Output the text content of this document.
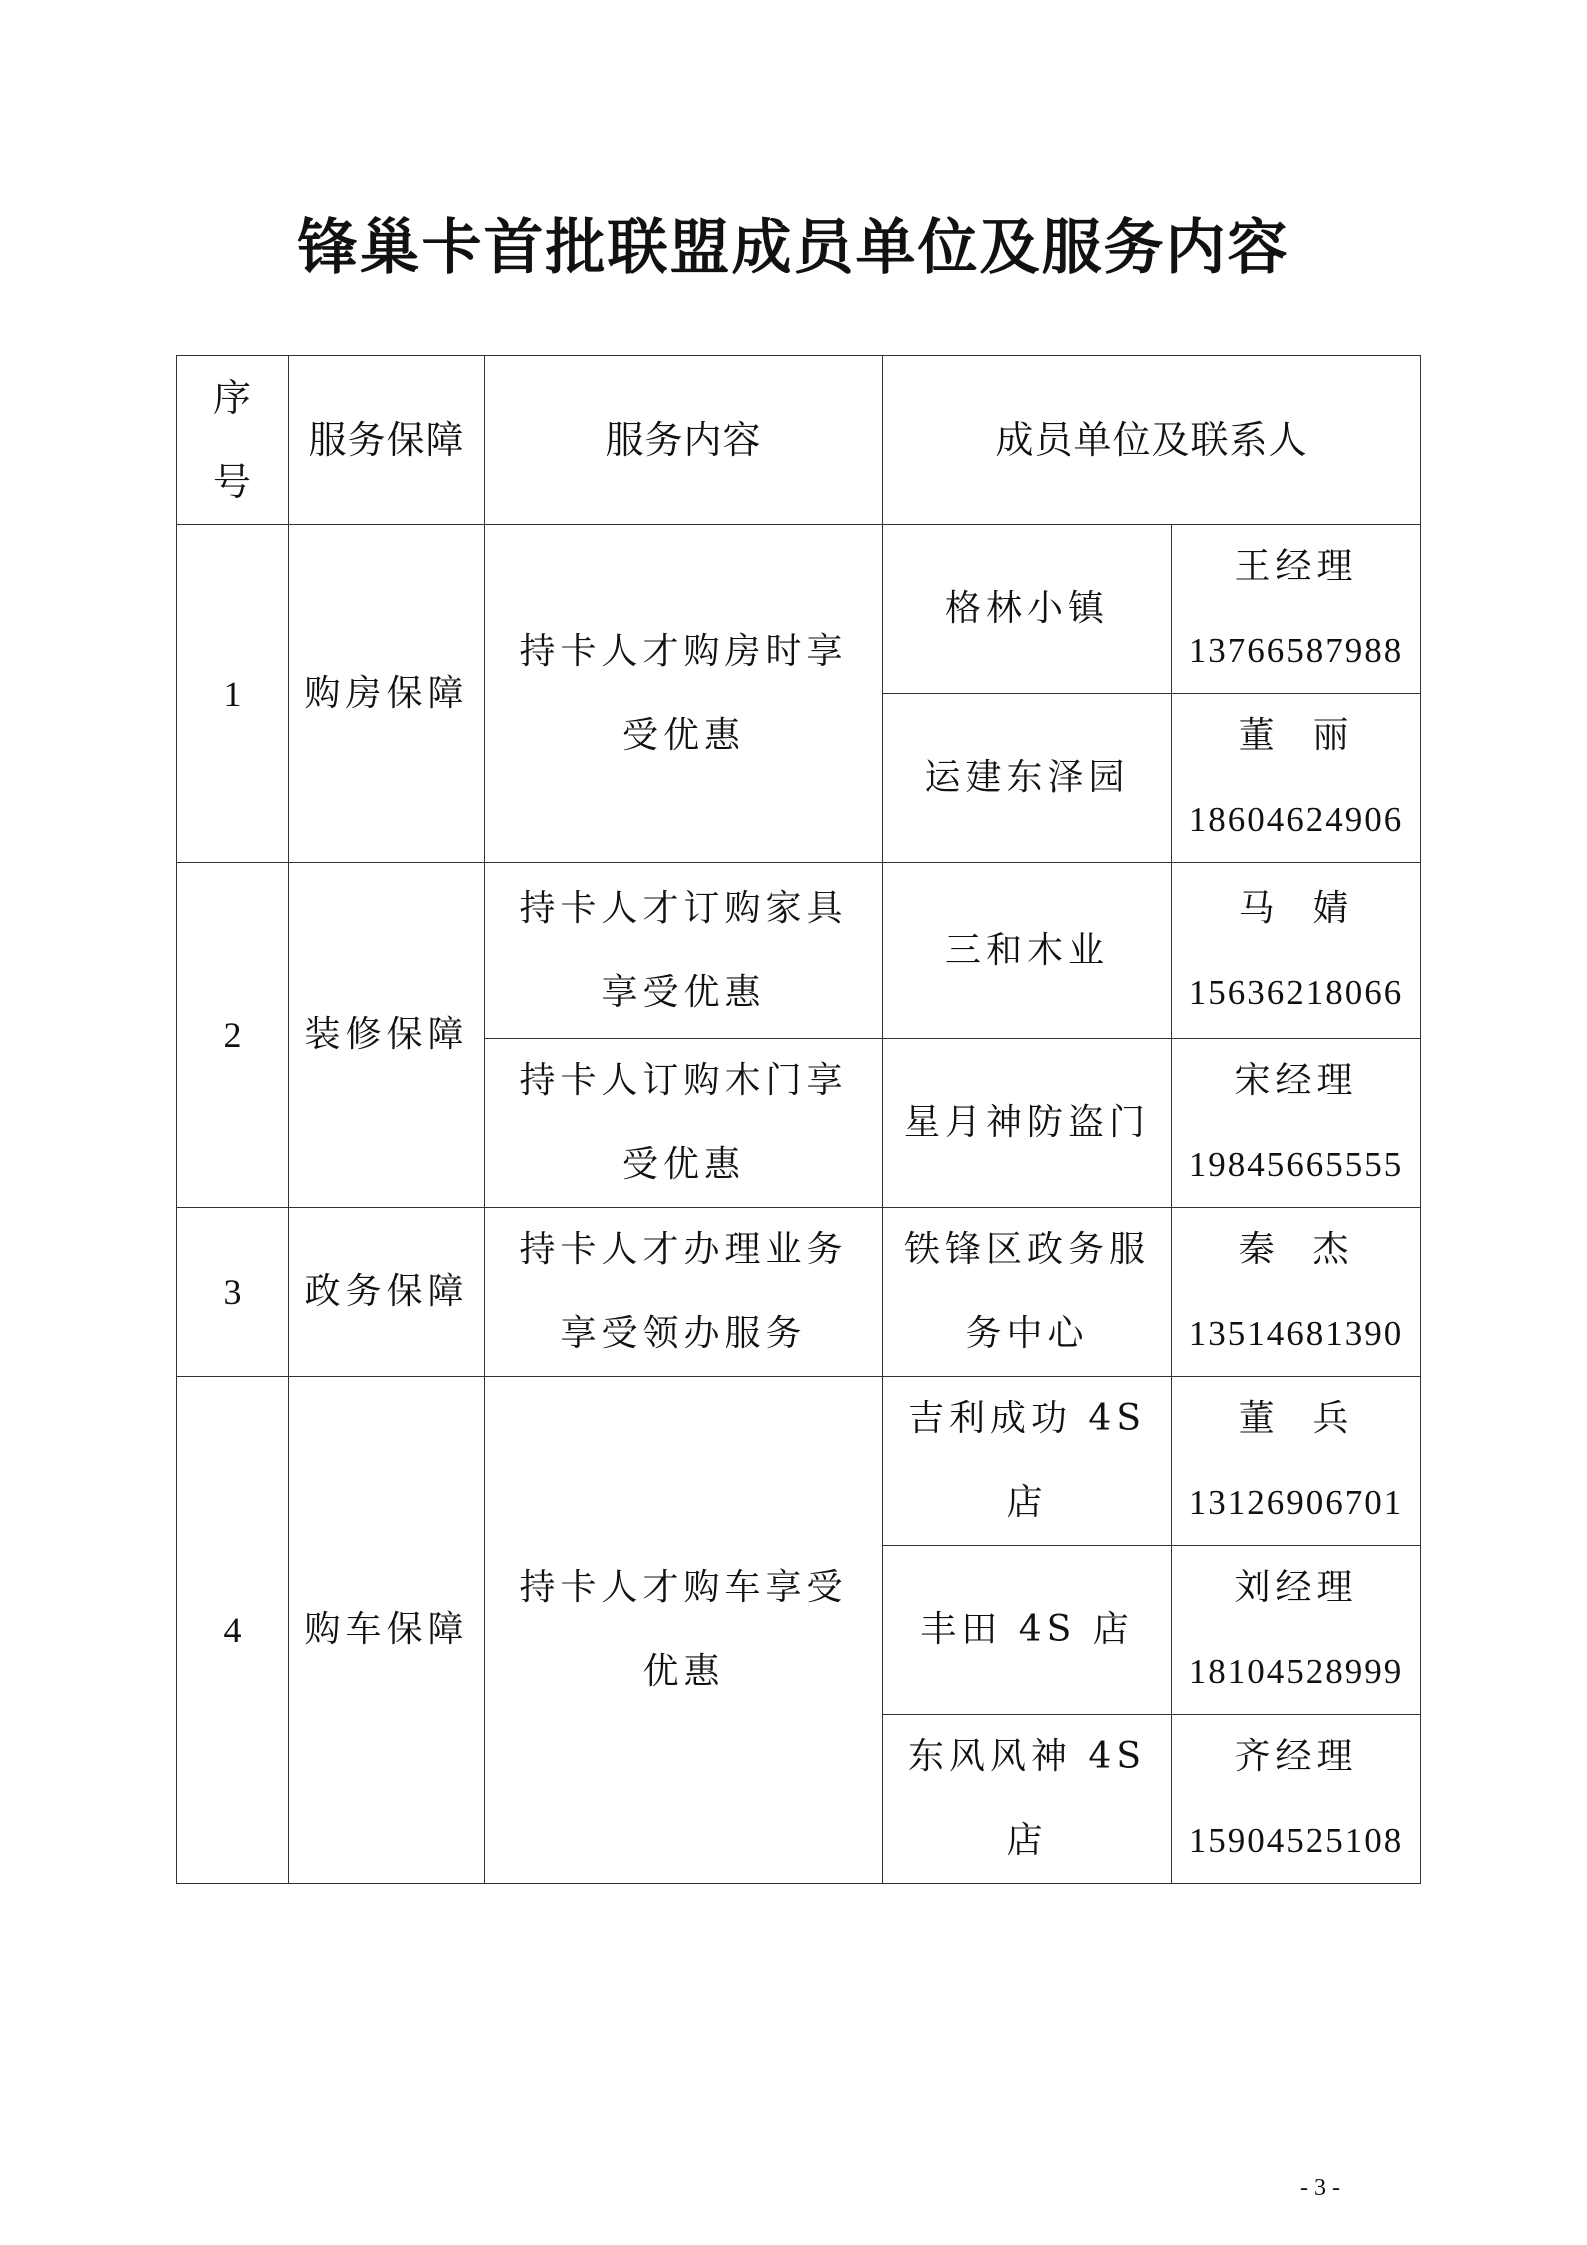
锋巢卡首批联盟成员单位及服务内容
序号	服务保障	服务内容	成员单位及联系人	
1	购房保障	持卡人才购房时享受优惠	格林小镇	王经理
13766587988

			运建东泽园	董  丽
18604624906

2	装修保障	持卡人才订购家具享受优惠	三和木业	马  婧
15636218066

		持卡人订购木门享受优惠	星月神防盗门	宋经理
19845665555

3	政务保障	持卡人才办理业务享受领办服务	铁锋区政务服务中心	秦  杰
13514681390

4	购车保障	持卡人才购车享受优惠	吉利成功 4S 店	董  兵
13126906701

			丰田 4S 店	刘经理
18104528999

			东风风神 4S 店	齐经理
15904525108
- 3 -
